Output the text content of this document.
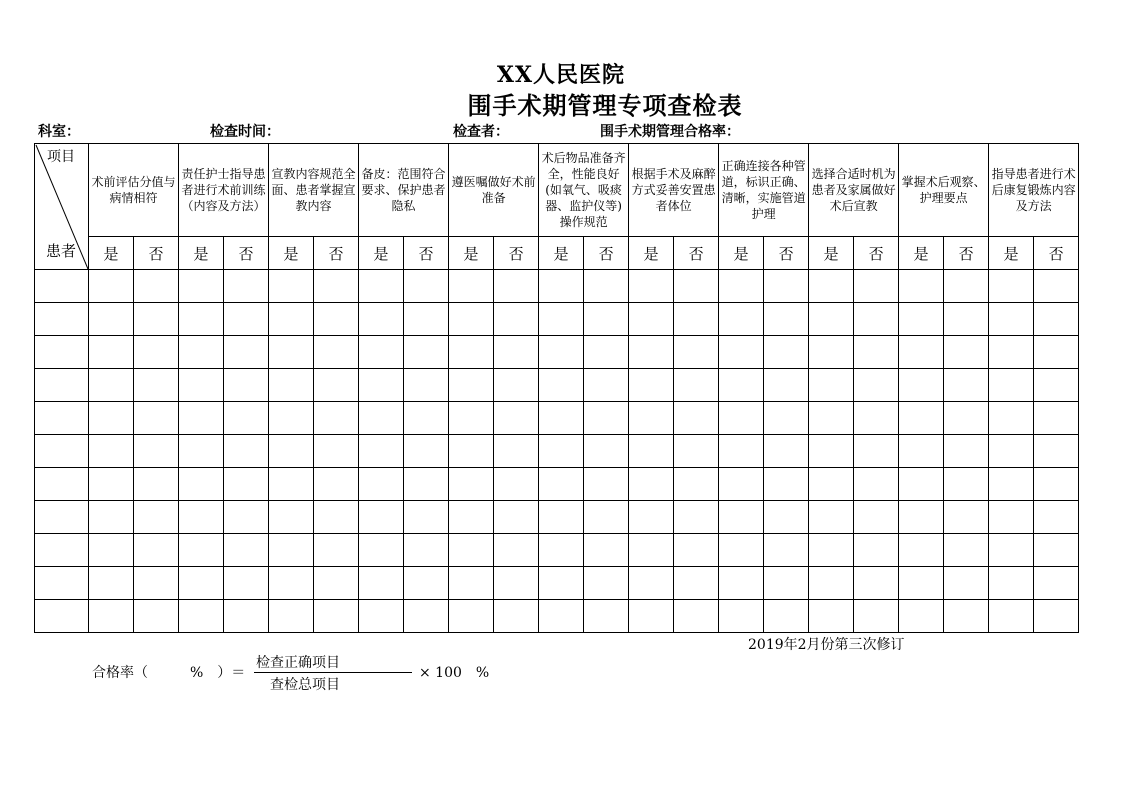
XX人民医院
围手术期管理专项查检表
科室：	检查时间：	检查者：	围手术期管理合格率：
项目
患者	术前评估分值与病情相符		责任护士指导患者进行术前训练（内容及方法）		宣教内容规范全面、患者掌握宣教内容		备皮：范围符合要求、保护患者隐私		遵医嘱做好术前准备		术后物品准备齐全，性能良好(如氧气、吸痰器、监护仪等)操作规范		根据手术及麻醉方式妥善安置患者体位		正确连接各种管道，标识正确、清晰，实施管道护理		选择合适时机为患者及家属做好术后宣教		掌握术后观察、护理要点		指导患者进行术后康复锻炼内容及方法	
	是	否	是	否	是	否	是	否	是	否	是	否	是	否	是	否	是	否	是	否	是	否

2019年2月份第三次修订
合格率（　　　%　）＝
检查正确项目
查检总项目
× 100　%
